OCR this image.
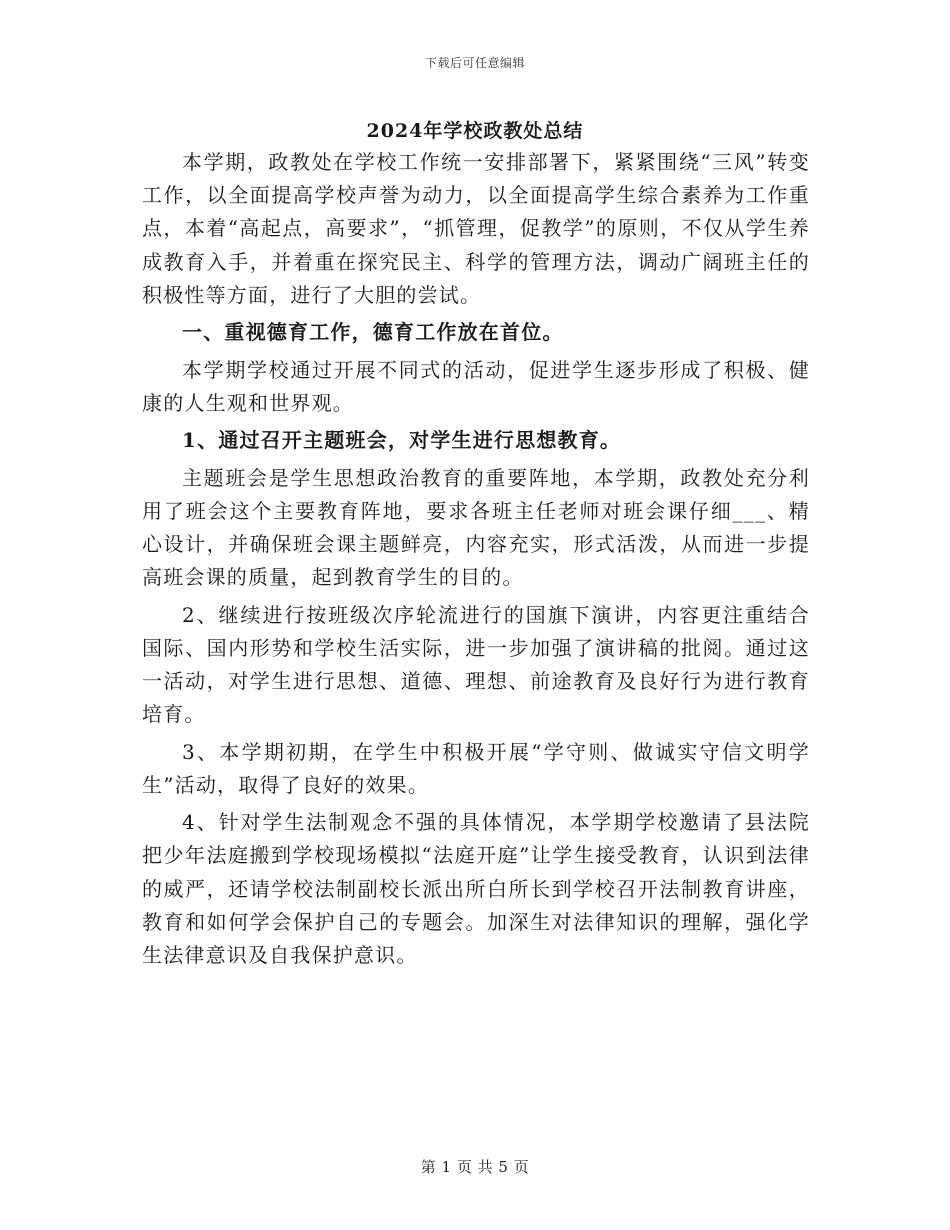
下载后可任意编辑
2024年学校政教处总结

本学期，政教处在学校工作统一安排部署下，紧紧围绕“三风”转变工作，以全面提高学校声誉为动力，以全面提高学生综合素养为工作重点，本着“高起点，高要求”，“抓管理，促教学”的原则，不仅从学生养成教育入手，并着重在探究民主、科学的管理方法，调动广阔班主任的积极性等方面，进行了大胆的尝试。

一、重视德育工作，德育工作放在首位。

本学期学校通过开展不同式的活动，促进学生逐步形成了积极、健康的人生观和世界观。

1、通过召开主题班会，对学生进行思想教育。

主题班会是学生思想政治教育的重要阵地，本学期，政教处充分利用了班会这个主要教育阵地，要求各班主任老师对班会课仔细___、精心设计，并确保班会课主题鲜亮，内容充实，形式活泼，从而进一步提高班会课的质量，起到教育学生的目的。

2、继续进行按班级次序轮流进行的国旗下演讲，内容更注重结合国际、国内形势和学校生活实际，进一步加强了演讲稿的批阅。通过这一活动，对学生进行思想、道德、理想、前途教育及良好行为进行教育培育。

3、本学期初期，在学生中积极开展“学守则、做诚实守信文明学生”活动，取得了良好的效果。

4、针对学生法制观念不强的具体情况，本学期学校邀请了县法院把少年法庭搬到学校现场模拟“法庭开庭”让学生接受教育，认识到法律的威严，还请学校法制副校长派出所白所长到学校召开法制教育讲座，教育和如何学会保护自己的专题会。加深生对法律知识的理解，强化学生法律意识及自我保护意识。

第 1 页 共 5 页
